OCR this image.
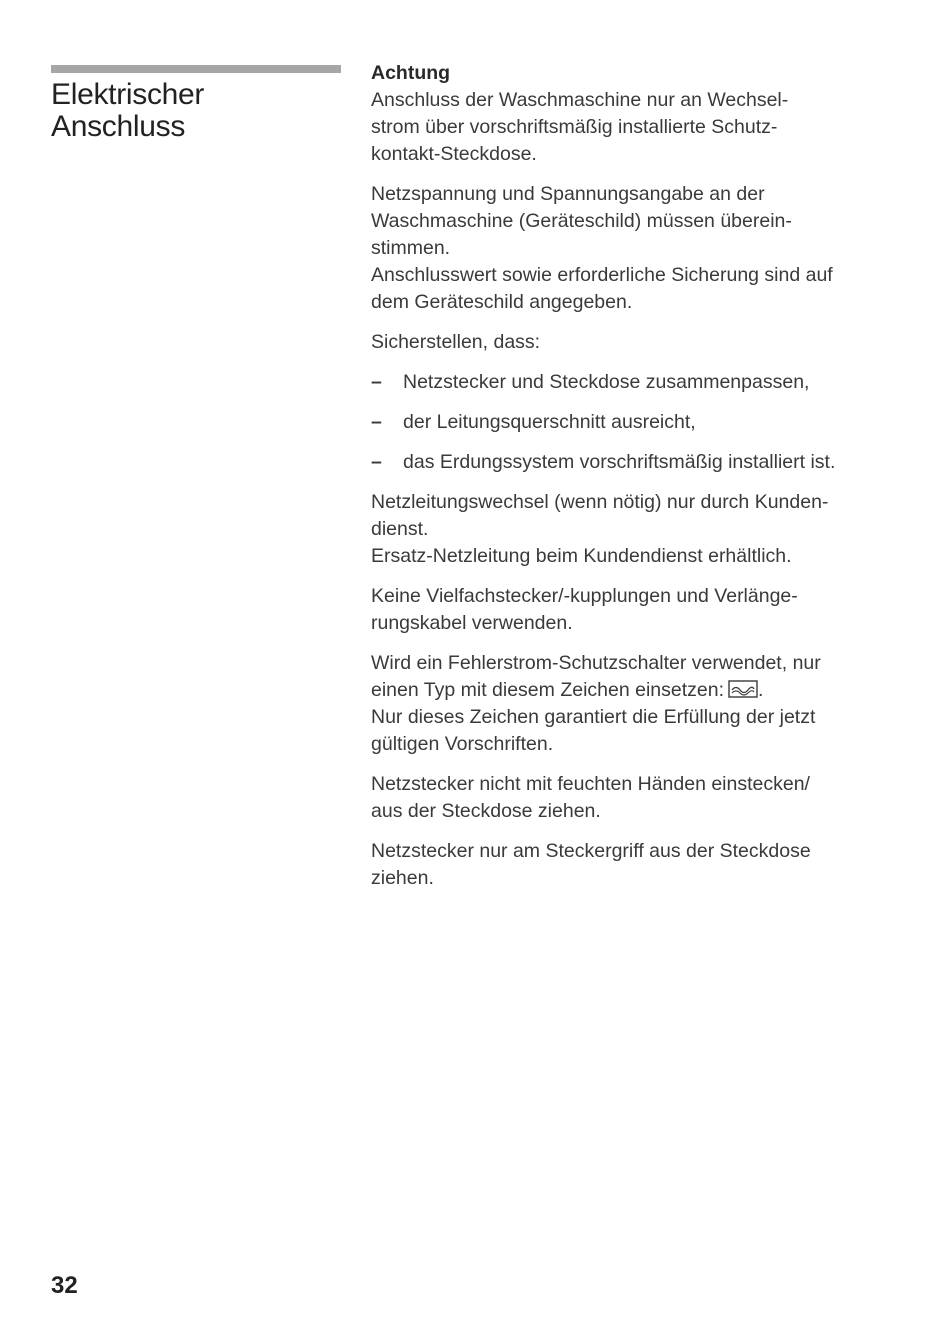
Elektrischer
Anschluss

Achtung
Anschluss der Waschmaschine nur an Wechsel-
strom über vorschriftsmäßig installierte Schutz-
kontakt-Steckdose.

Netzspannung und Spannungsangabe an der
Waschmaschine (Geräteschild) müssen überein-
stimmen.
Anschlusswert sowie erforderliche Sicherung sind auf
dem Geräteschild angegeben.

Sicherstellen, dass:

– Netzstecker und Steckdose zusammenpassen,
– der Leitungsquerschnitt ausreicht,
– das Erdungssystem vorschriftsmäßig installiert ist.

Netzleitungswechsel (wenn nötig) nur durch Kunden-
dienst.
Ersatz-Netzleitung beim Kundendienst erhältlich.

Keine Vielfachstecker/-kupplungen und Verlänge-
rungskabel verwenden.

Wird ein Fehlerstrom-Schutzschalter verwendet, nur
einen Typ mit diesem Zeichen einsetzen: .
Nur dieses Zeichen garantiert die Erfüllung der jetzt
gültigen Vorschriften.

Netzstecker nicht mit feuchten Händen einstecken/
aus der Steckdose ziehen.

Netzstecker nur am Steckergriff aus der Steckdose
ziehen.

32
